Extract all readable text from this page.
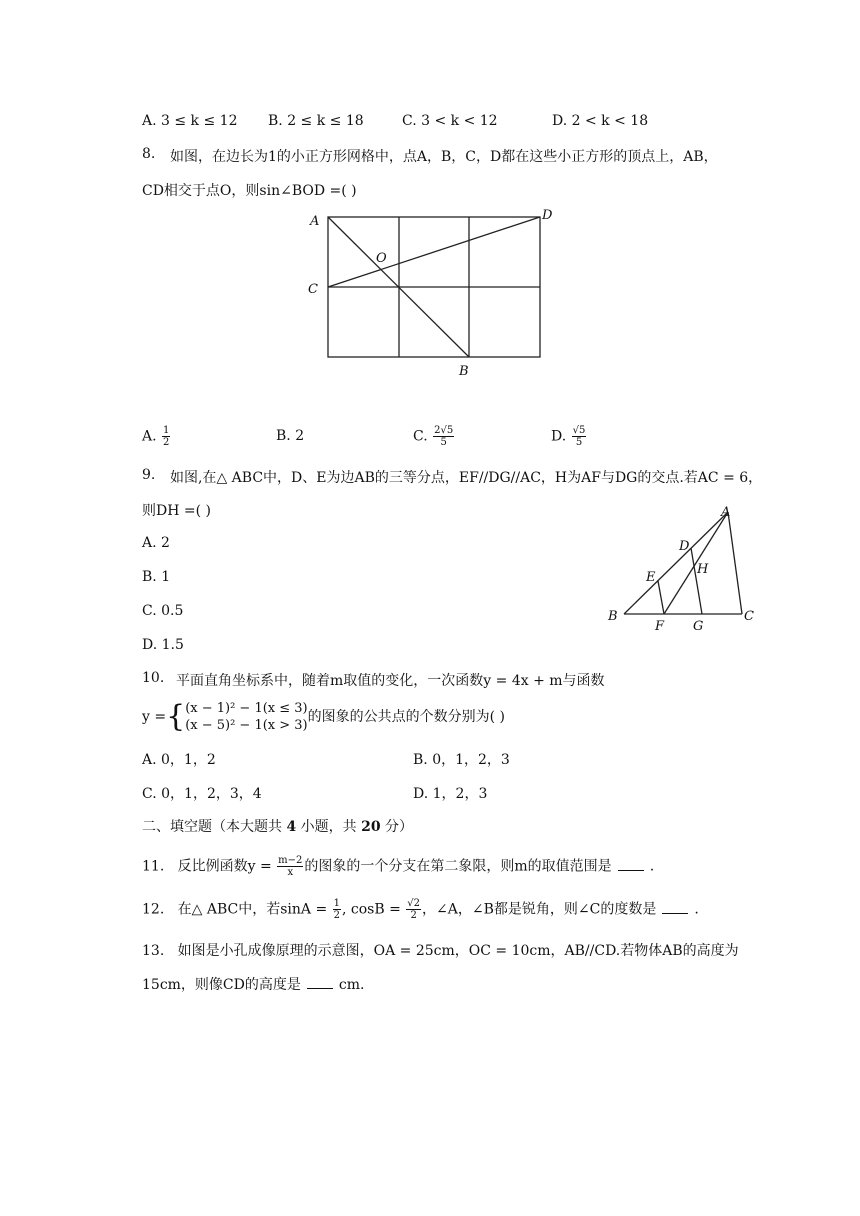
A. 3 ≤ k ≤ 12 B. 2 ≤ k ≤ 18	C. 3 < k < 12	D. 2 < k < 18
8. 如图，在边长为1的小正方形网格中，点A，B，C，D都在这些小正方形的顶点上，AB，
CD相交于点O，则sin∠BOD =( )
A	D
O
C
B
A. $\frac{1}{2}$	B. 2	C. $\frac{2√5}{5}$	D. $\frac{√5}{5}$
9. 如图,在△ ABC中，D、E为边AB的三等分点，EF//DG//AC，H为AF与DG的交点.若AC = 6，
则DH =( )
A. 2
B. 1
C. 0.5
D. 1.5
A
D
H
E
B
F G
C
10. 平面直角坐标系中，随着m取值的变化，一次函数y = 4x + m与函数
y ={ (x − 1)² − 1(x ≤ 3)
(x − 5)² − 1(x > 3)
的图象的公共点的个数分别为( )
A. 0，1，2	B. 0，1，2，3
C. 0，1，2，3，4	D. 1，2，3
二、填空题（本大题共 4 小题，共 20 分）
11. 反比例函数$y = \frac{m-2}{x}$ 的图象的一个分支在第二象限，则m的取值范围是	.
12. 在△ ABC中，若$\sin A = \frac{1}{2}$ , $\cos B = \frac{√2}{2}$ ，∠A，∠B都是锐角，则∠C的度数是	.
13. 如图是小孔成像原理的示意图，OA = 25cm，OC = 10cm，AB//CD.若物体AB的高度为
15cm，则像CD的高度是	cm.
